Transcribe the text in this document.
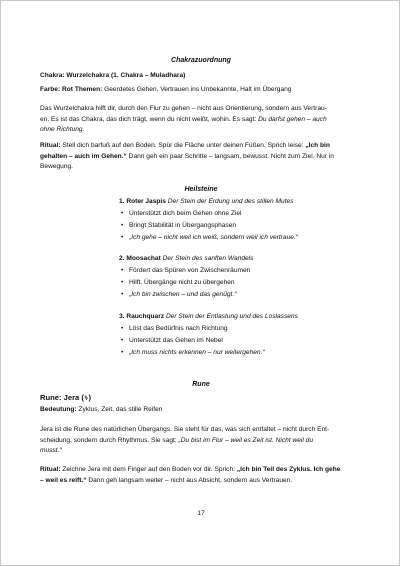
Chakrazuordnung
Chakra: Wurzelchakra (1. Chakra – Muladhara)
Farbe: Rot Themen: Geerdetes Gehen, Vertrauen ins Unbekannte, Halt im Übergang
Das Wurzelchakra hilft dir, durch den Flur zu gehen – nicht aus Orientierung, sondern aus Vertrau-
en. Es ist das Chakra, das dich trägt, wenn du nicht weißt, wohin. Es sagt: Du darfst gehen – auch
ohne Richtung.
Ritual: Stell dich barfuß auf den Boden. Spür die Fläche unter deinen Füßen. Sprich leise: „Ich bin
gehalten – auch im Gehen.“ Dann geh ein paar Schritte – langsam, bewusst. Nicht zum Ziel. Nur in
Bewegung.
Heilsteine
1. Roter Jaspis Der Stein der Erdung und des stillen Mutes
• Unterstützt dich beim Gehen ohne Ziel
• Bringt Stabilität in Übergangsphasen
• „Ich gehe – nicht weil ich weiß, sondern weil ich vertraue.“
2. Moosachat Der Stein des sanften Wandels
• Fördert das Spüren von Zwischenräumen
• Hilft, Übergänge nicht zu übergehen
• „Ich bin zwischen – und das genügt.“
3. Rauchquarz Der Stein der Entlastung und des Loslassens
• Löst das Bedürfnis nach Richtung
• Unterstützt das Gehen im Nebel
• „Ich muss nichts erkennen – nur weitergehen.“
Rune
Rune: Jera (ᛃ)
Bedeutung: Zyklus, Zeit, das stille Reifen
Jera ist die Rune des natürlichen Übergangs. Sie steht für das, was sich entfaltet – nicht durch Ent-
scheidung, sondern durch Rhythmus. Sie sagt: „Du bist im Flur – weil es Zeit ist. Nicht weil du
musst.“
Ritual: Zeichne Jera mit dem Finger auf den Boden vor dir. Sprich: „Ich bin Teil des Zyklus. Ich gehe
– weil es reift.“ Dann geh langsam weiter – nicht aus Absicht, sondern aus Vertrauen.
17
